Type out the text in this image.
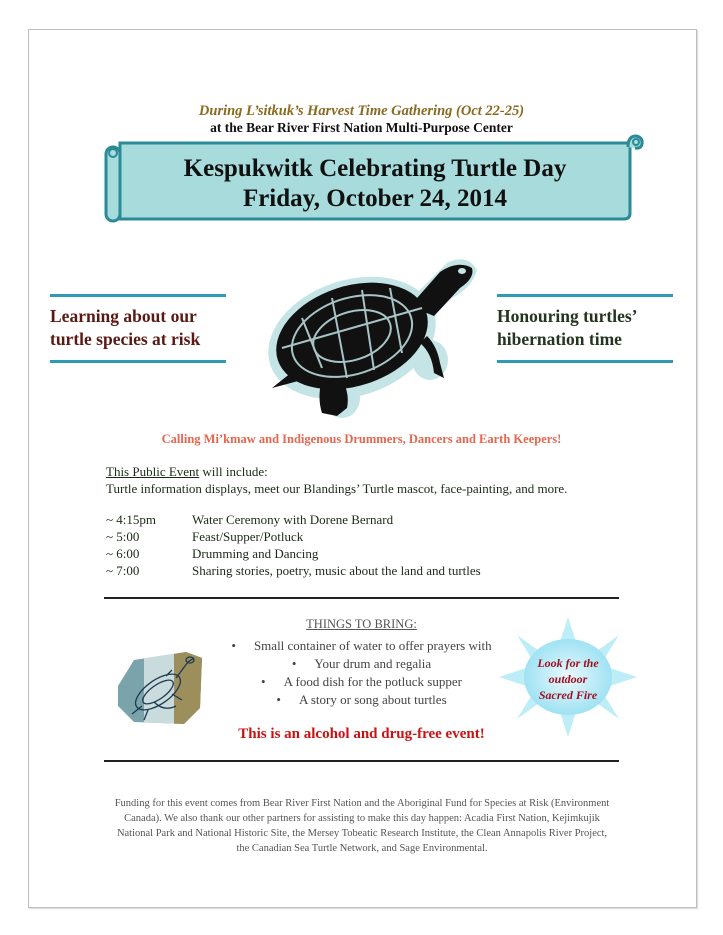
During L’sitkuk’s Harvest Time Gathering (Oct 22-25)
at the Bear River First Nation Multi-Purpose Center
Kespukwitk Celebrating Turtle Day
Friday, October 24, 2014
Learning about our
turtle species at risk
Honouring turtles’
hibernation time
Calling Mi’kmaw and Indigenous Drummers, Dancers and Earth Keepers!
This Public Event will include:
Turtle information displays, meet our Blandings’ Turtle mascot, face-painting, and more.
~ 4:15pm	Water Ceremony with Dorene Bernard
~ 5:00	Feast/Supper/Potluck
~ 6:00	Drumming and Dancing
~ 7:00	Sharing stories, poetry, music about the land and turtles
THINGS TO BRING:
• Small container of water to offer prayers with
• Your drum and regalia
• A food dish for the potluck supper
• A story or song about turtles
Look for the
outdoor
Sacred Fire
This is an alcohol and drug-free event!
Funding for this event comes from Bear River First Nation and the Aboriginal Fund for Species at Risk (Environment Canada). We also thank our other partners for assisting to make this day happen: Acadia First Nation, Kejimkujik National Park and National Historic Site, the Mersey Tobeatic Research Institute, the Clean Annapolis River Project, the Canadian Sea Turtle Network, and Sage Environmental.
